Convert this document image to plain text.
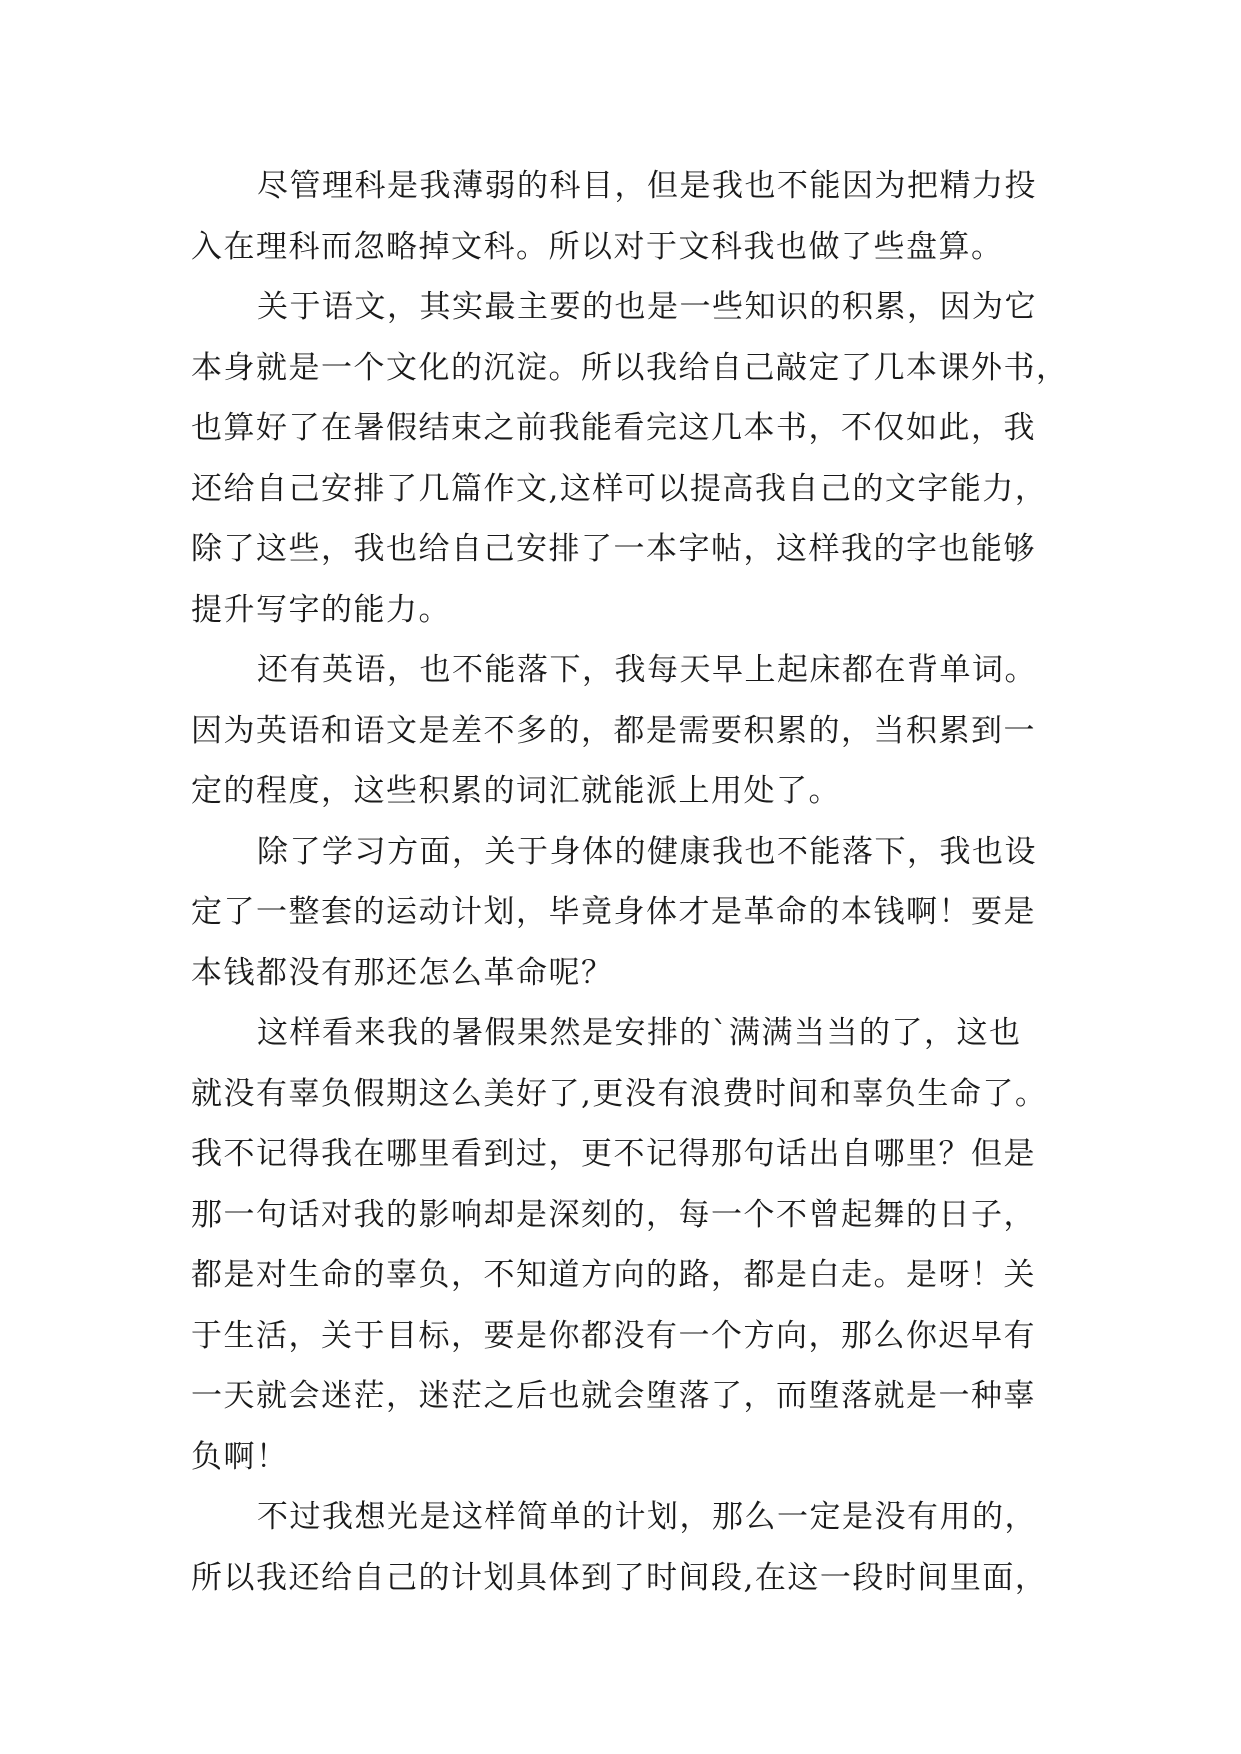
尽管理科是我薄弱的科目，但是我也不能因为把精力投
入在理科而忽略掉文科。所以对于文科我也做了些盘算。
关于语文，其实最主要的也是一些知识的积累，因为它
本身就是一个文化的沉淀。所以我给自己敲定了几本课外书，
也算好了在暑假结束之前我能看完这几本书，不仅如此，我
还给自己安排了几篇作文,这样可以提高我自己的文字能力，
除了这些，我也给自己安排了一本字帖，这样我的字也能够
提升写字的能力。
还有英语，也不能落下，我每天早上起床都在背单词。
因为英语和语文是差不多的，都是需要积累的，当积累到一
定的程度，这些积累的词汇就能派上用处了。
除了学习方面，关于身体的健康我也不能落下，我也设
定了一整套的运动计划，毕竟身体才是革命的本钱啊！要是
本钱都没有那还怎么革命呢？
这样看来我的暑假果然是安排的`满满当当的了，这也
就没有辜负假期这么美好了,更没有浪费时间和辜负生命了。
我不记得我在哪里看到过，更不记得那句话出自哪里？但是
那一句话对我的影响却是深刻的，每一个不曾起舞的日子，
都是对生命的辜负，不知道方向的路，都是白走。是呀！关
于生活，关于目标，要是你都没有一个方向，那么你迟早有
一天就会迷茫，迷茫之后也就会堕落了，而堕落就是一种辜
负啊！
不过我想光是这样简单的计划，那么一定是没有用的，
所以我还给自己的计划具体到了时间段,在这一段时间里面，
